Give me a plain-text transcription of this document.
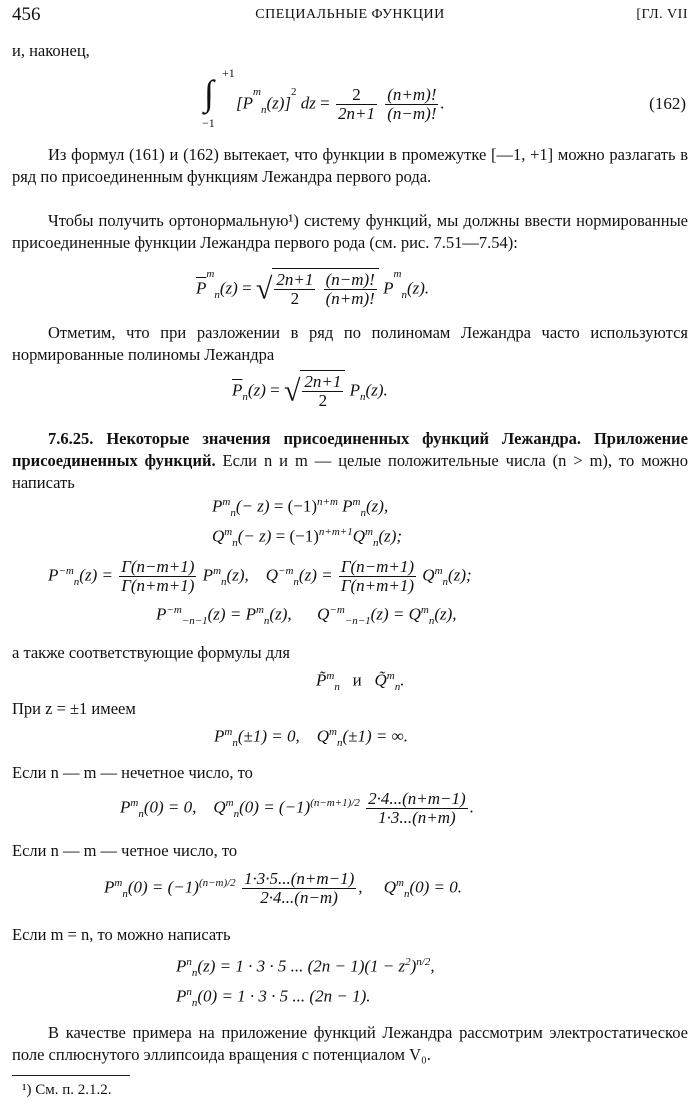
456	СПЕЦИАЛЬНЫЕ ФУНКЦИИ	[ГЛ. VII
и, наконец,
+1
∫
−1
$[P^m_n(z)]^2$ dz = $\frac{2}{2n+1}$
$\frac{(n+m)!}{(n-m)!}$ .	(162)
Из формул (161) и (162) вытекает, что функции в промежутке [—1, +1] можно разлагать в ряд по присоединенным функциям Лежандра первого рода.
Чтобы получить ортонормальную¹) систему функций, мы должны ввести нормированные присоединенные функции Лежандра первого рода (см. рис. 7.51—7.54):
$\overline{P}^m_n(z)$ = √ $\frac{2n+1}{2}$
$\frac{(n-m)!}{(n+m)!} P^m_n(z)$.
Отметим, что при разложении в ряд по полиномам Лежандра часто используются нормированные полиномы Лежандра
$\overline{P}_n(z)$ = √ $\frac{2n+1}{2} P_n(z)$.
7.6.25. Некоторые значения присоединенных функций Лежандра. Приложение присоединенных функций. Если n и m — целые положительные числа (n > m), то можно написать
$P^m_n(- z) = (-1)^{n+m}$ $P^m_n(z)$,
$Q^m_n(- z) = (-1)^{n+m+1}Q^m_n(z)$;
$P^{-m}_n(z) = \frac{\Gamma(n-m+1)}{\Gamma(n+m+1)} P^m_n(z)$,    $Q^{-m}_n(z) = \frac{\Gamma(n-m+1)}{\Gamma(n+m+1)} Q^m_n(z)$;
$P^{-m}_{-n-1}(z) = P^m_n(z)$,      $Q^{-m}_{-n-1}(z) = Q^m_n(z)$,
а также соответствующие формулы для
P̃$^m_n$ и Q̃$^m_n$.
При z = ±1 имеем
$P^m_n(\pm 1) = 0$,    $Q^m_n(\pm 1)$ = ∞.
Если n — m — нечетное число, то
$P^m_n(0) = 0$,    $Q^m_n(0) = (-1)^{(n-m+1)/2} \frac{2\cdot 4...(n+m-1)}{1\cdot 3...(n+m)}$ .
Если n — m — четное число, то
$P^m_n(0) = (-1)^{(n-m)/2} \frac{1\cdot 3\cdot 5...(n+m-1)}{2\cdot 4...(n-m)}$ ,     $Q^m_n(0) = 0$.
Если m = n, то можно написать
$P^n_n(z) = 1 \cdot 3 \cdot 5$ ... $(2n - 1)(1 - z^2)^{n/2}$,
$P^n_n(0) = 1 \cdot 3 \cdot 5$ ... (2n − 1).
В качестве примера на приложение функций Лежандра рассмотрим электростатическое поле сплюснутого эллипсоида вращения с потенциалом V₀.
¹) См. п. 2.1.2.
